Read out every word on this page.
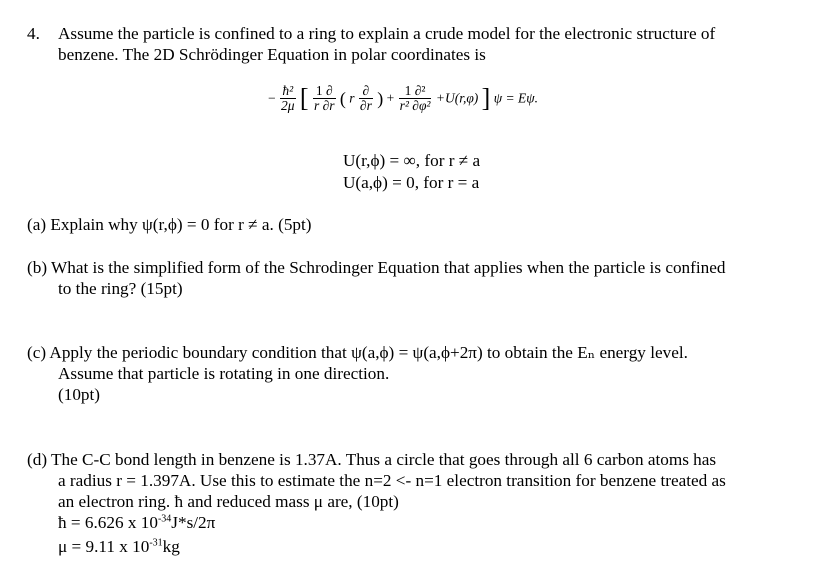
4. Assume the particle is confined to a ring to explain a crude model for the electronic structure of
benzene. The 2D Schrödinger Equation in polar coordinates is
− $\frac{\text{ħ²}}{2\mu}$ [ $\frac{1 \partial}{r \partial r}$ ( r $\frac{\partial}{\partial r}$ ) + $\frac{\text{1 ∂²}}{\text{r² ∂φ²}} +U(r,\varphi)$ ] ψ = Eψ.
U(r,ϕ) = ∞, for r ≠ a
U(a,ϕ) = 0, for r = a
(a) Explain why ψ(r,ϕ) = 0 for r ≠ a. (5pt)
(b) What is the simplified form of the Schrodinger Equation that applies when the particle is confined
to the ring? (15pt)
(c) Apply the periodic boundary condition that ψ(a,ϕ) = ψ(a,ϕ+2π) to obtain the Eₙ energy level.
Assume that particle is rotating in one direction.
(10pt)
(d) The C-C bond length in benzene is 1.37A. Thus a circle that goes through all 6 carbon atoms has
a radius r = 1.397A. Use this to estimate the n=2 <- n=1 electron transition for benzene treated as
an electron ring. ħ and reduced mass μ are, (10pt)
ħ = 6.626 x $10^{-34}J*s/2\pi$
μ = 9.11 x $10^{-31}kg$
